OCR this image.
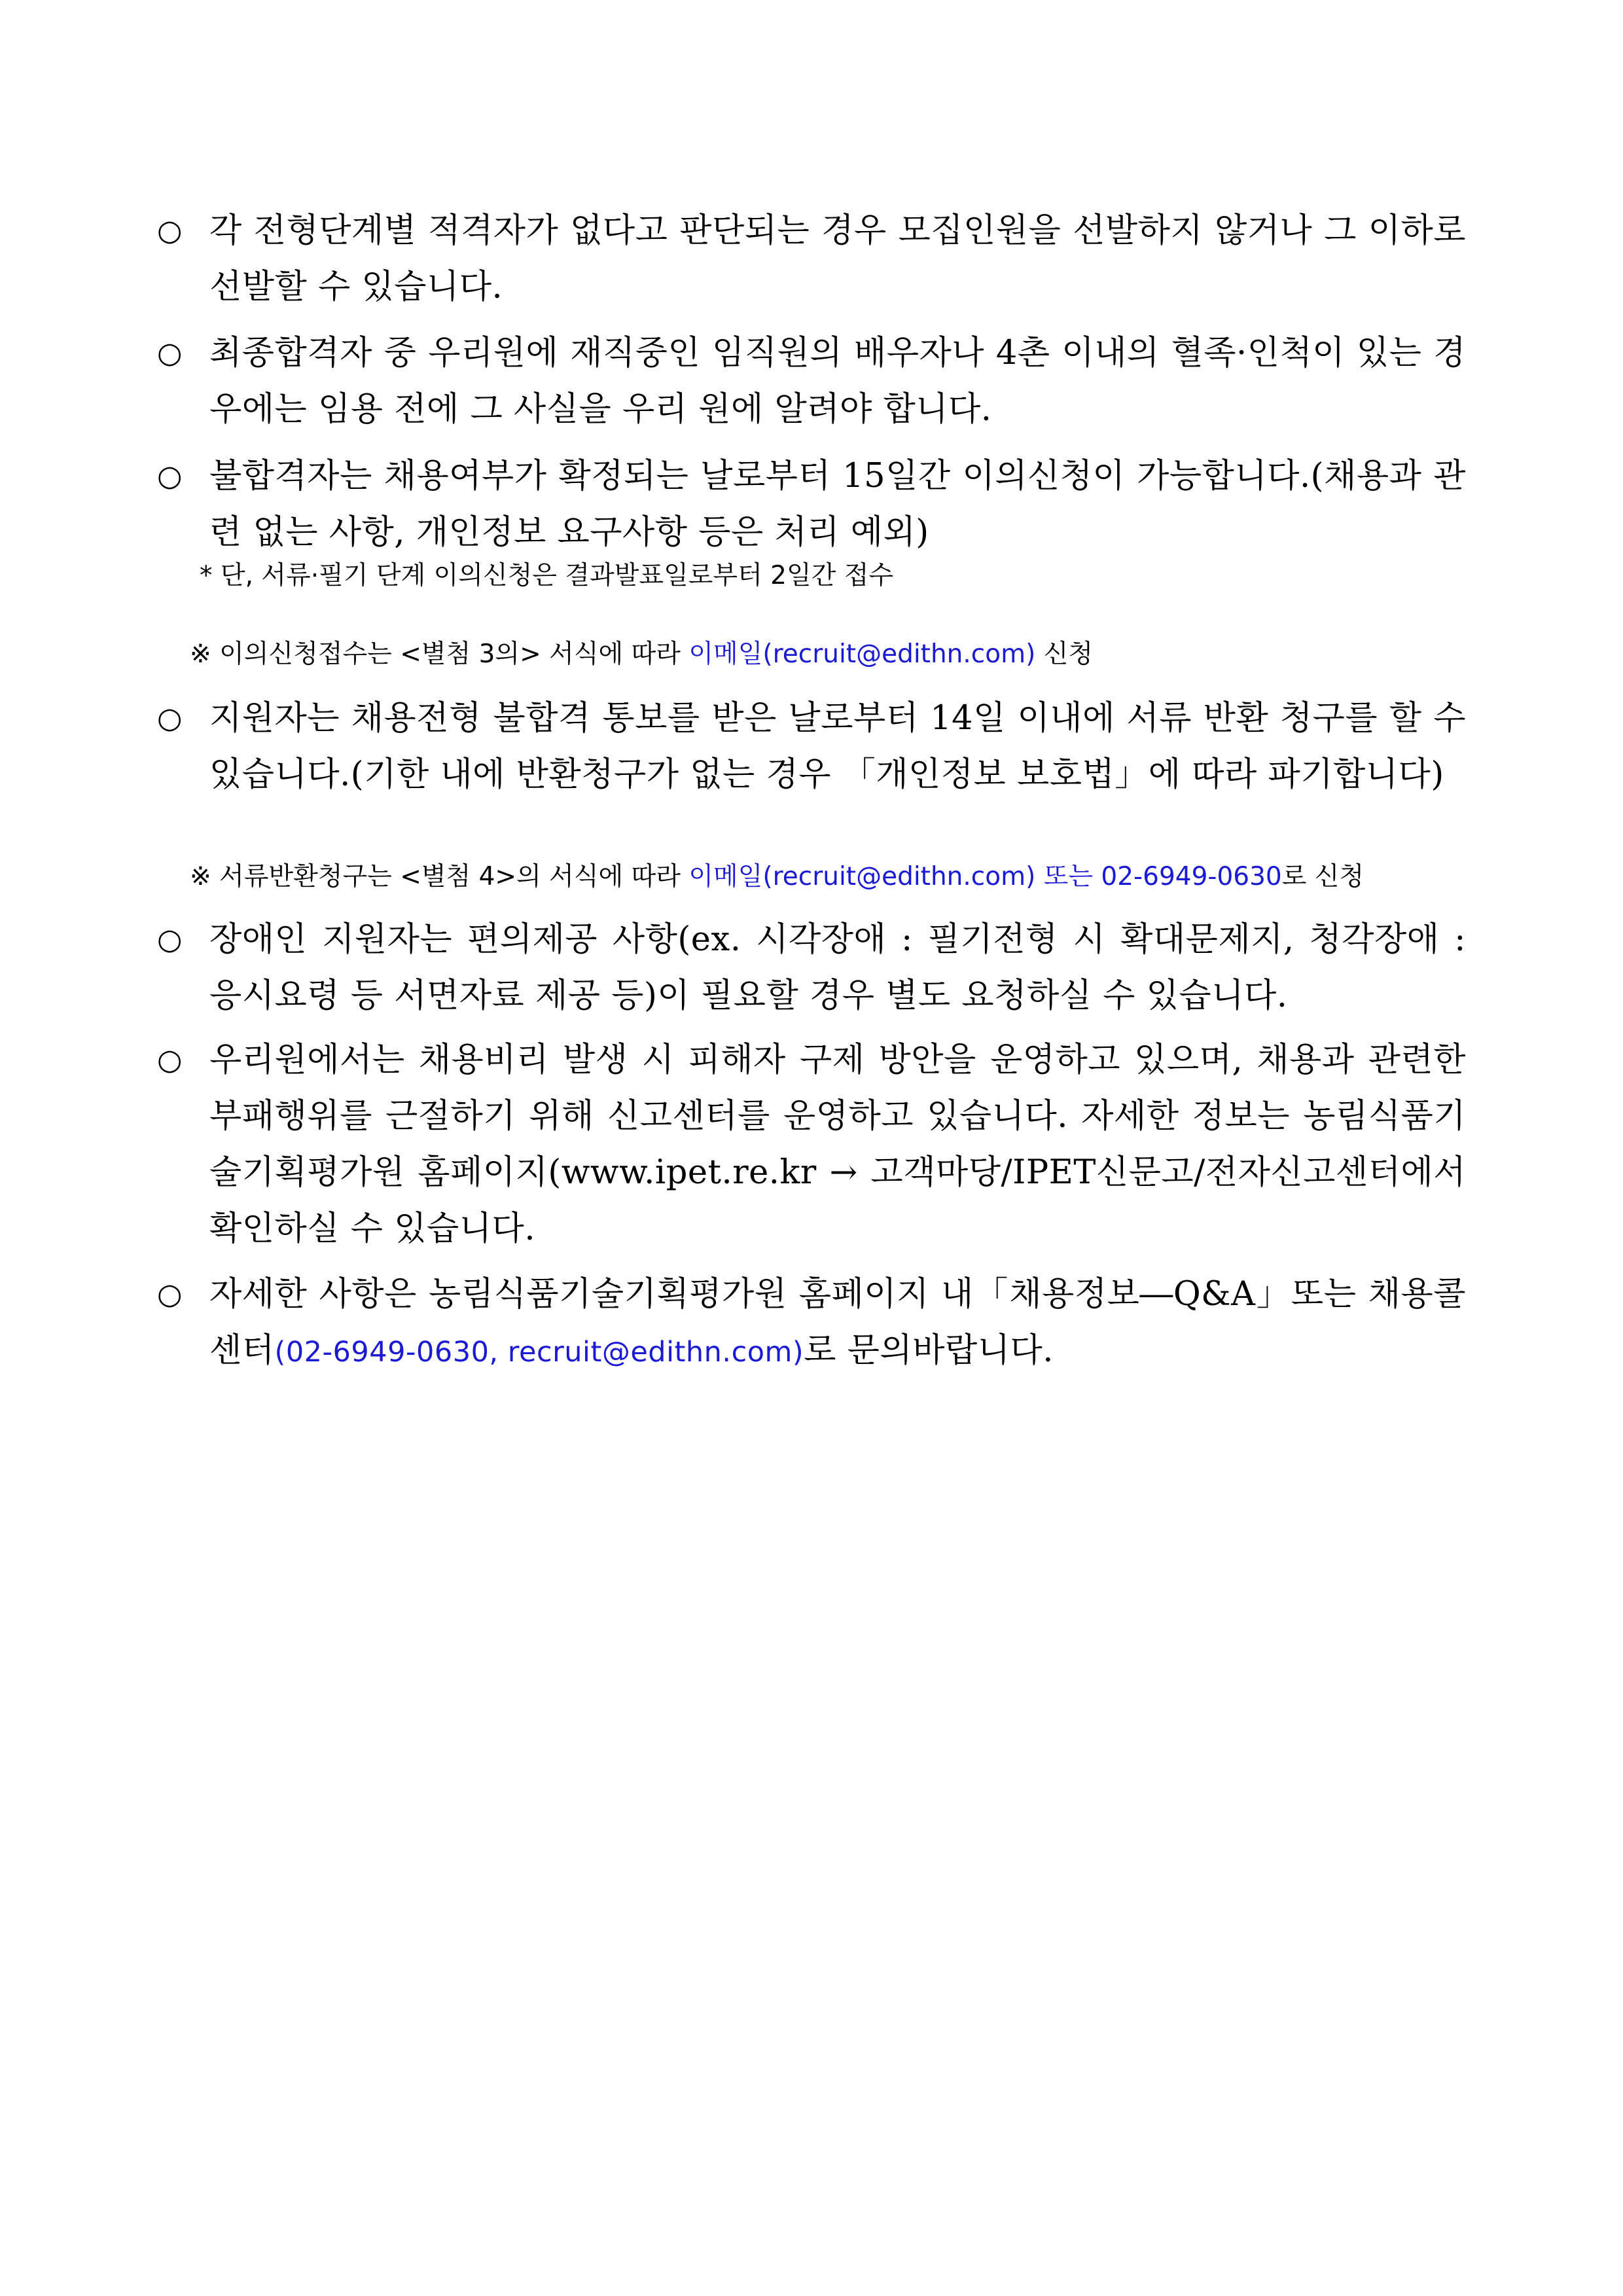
○ 각 전형단계별 적격자가 없다고 판단되는 경우 모집인원을 선발하지 않거나 그 이하로 선발할 수 있습니다.
○ 최종합격자 중 우리원에 재직중인 임직원의 배우자나 4촌 이내의 혈족·인척이 있는 경우에는 임용 전에 그 사실을 우리 원에 알려야 합니다.
○ 불합격자는 채용여부가 확정되는 날로부터 15일간 이의신청이 가능합니다.(채용과 관련 없는 사항, 개인정보 요구사항 등은 처리 예외)
* 단, 서류·필기 단계 이의신청은 결과발표일로부터 2일간 접수
※ 이의신청접수는 <별첨 3의> 서식에 따라 이메일(recruit@edithn.com) 신청
○ 지원자는 채용전형 불합격 통보를 받은 날로부터 14일 이내에 서류 반환 청구를 할 수 있습니다.(기한 내에 반환청구가 없는 경우 「개인정보 보호법」에 따라 파기합니다)
※ 서류반환청구는 <별첨 4>의 서식에 따라 이메일(recruit@edithn.com) 또는 02-6949-0630로 신청
○ 장애인 지원자는 편의제공 사항(ex. 시각장애 : 필기전형 시 확대문제지, 청각장애 : 응시요령 등 서면자료 제공 등)이 필요할 경우 별도 요청하실 수 있습니다.
○ 우리원에서는 채용비리 발생 시 피해자 구제 방안을 운영하고 있으며, 채용과 관련한 부패행위를 근절하기 위해 신고센터를 운영하고 있습니다. 자세한 정보는 농림식품기술기획평가원 홈페이지(www.ipet.re.kr → 고객마당/IPET신문고/전자신고센터에서 확인하실 수 있습니다.
○ 자세한 사항은 농림식품기술기획평가원 홈페이지 내「채용정보―Q&A」또는 채용콜센터(02-6949-0630, recruit@edithn.com)로 문의바랍니다.
